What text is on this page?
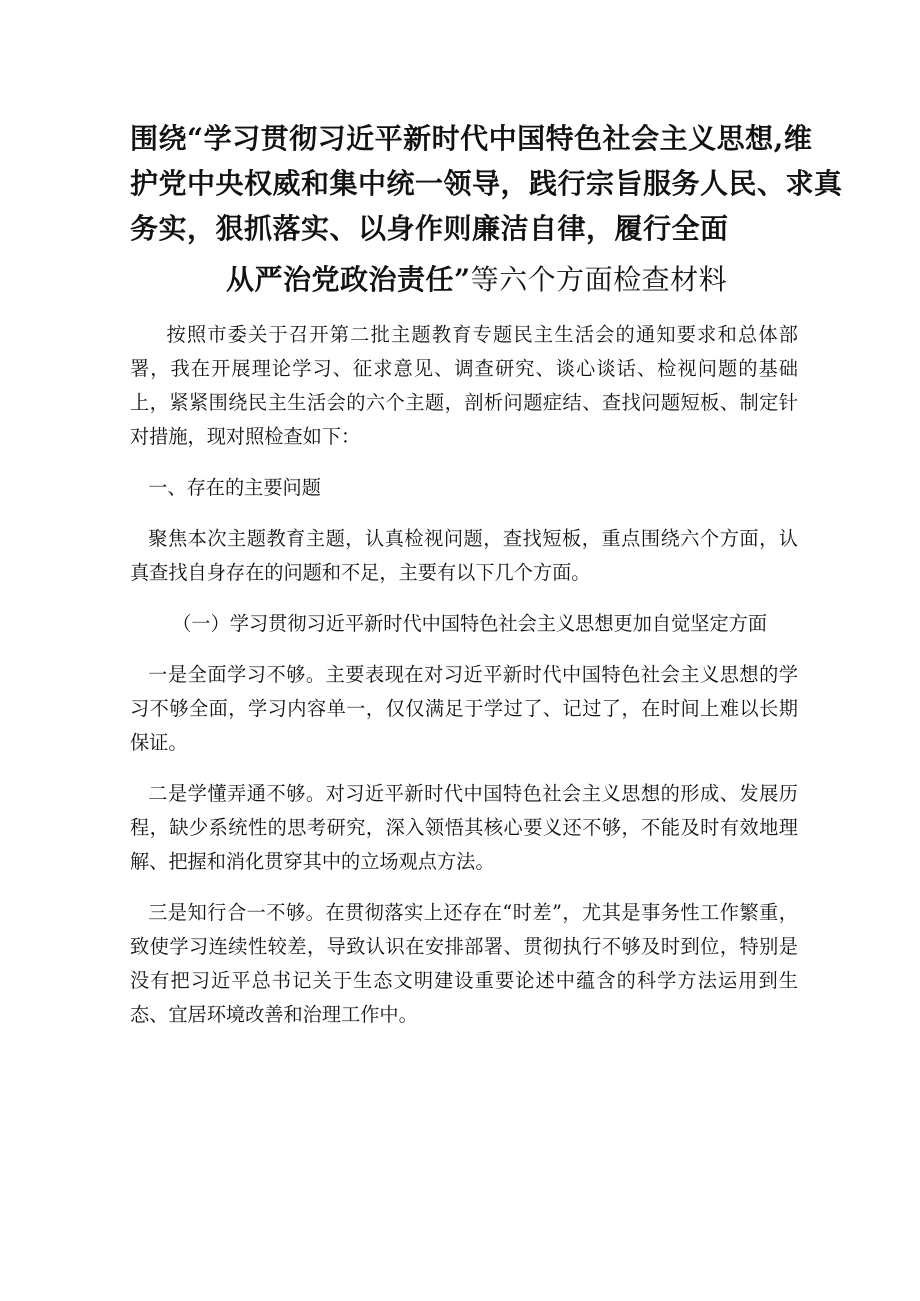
围绕“学习贯彻习近平新时代中国特色社会主义思想,维
护党中央权威和集中统一领导，践行宗旨服务人民、求真
务实，狠抓落实、以身作则廉洁自律，履行全面
从严治党政治责任”等六个方面检查材料

按照市委关于召开第二批主题教育专题民主生活会的通知要求和总体部署，我在开展理论学习、征求意见、调查研究、谈心谈话、检视问题的基础上，紧紧围绕民主生活会的六个主题，剖析问题症结、查找问题短板、制定针对措施，现对照检查如下：

一、存在的主要问题

聚焦本次主题教育主题，认真检视问题，查找短板，重点围绕六个方面，认真查找自身存在的问题和不足，主要有以下几个方面。

（一）学习贯彻习近平新时代中国特色社会主义思想更加自觉坚定方面

一是全面学习不够。主要表现在对习近平新时代中国特色社会主义思想的学习不够全面，学习内容单一，仅仅满足于学过了、记过了，在时间上难以长期保证。

二是学懂弄通不够。对习近平新时代中国特色社会主义思想的形成、发展历程，缺少系统性的思考研究，深入领悟其核心要义还不够，不能及时有效地理解、把握和消化贯穿其中的立场观点方法。

三是知行合一不够。在贯彻落实上还存在“时差”，尤其是事务性工作繁重，致使学习连续性较差，导致认识在安排部署、贯彻执行不够及时到位，特别是没有把习近平总书记关于生态文明建设重要论述中蕴含的科学方法运用到生态、宜居环境改善和治理工作中。
